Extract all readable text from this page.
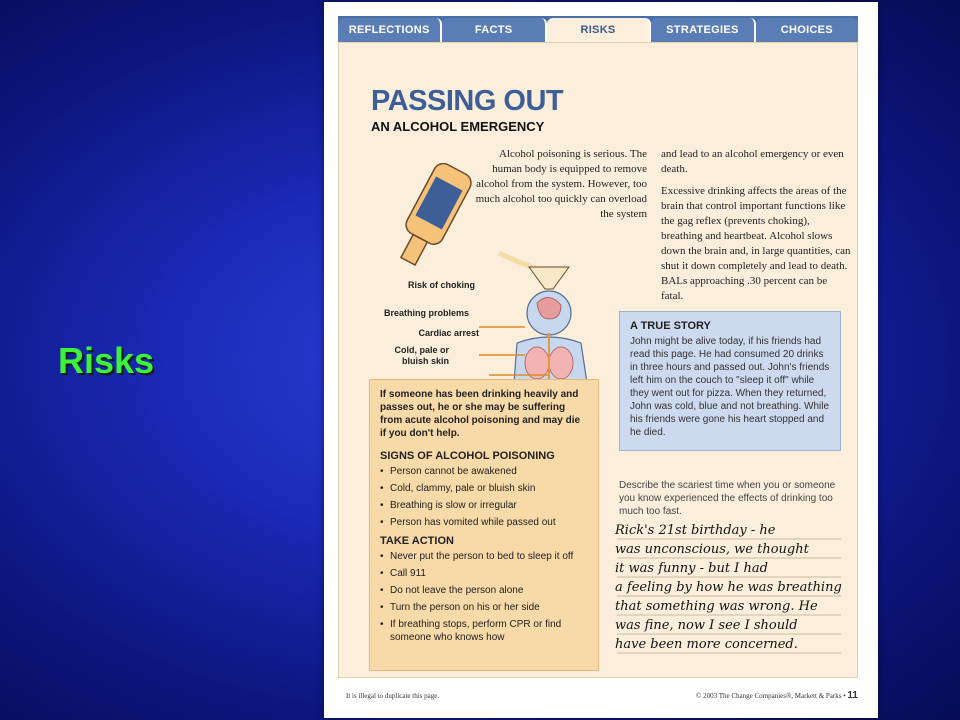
Risks
REFLECTIONS	FACTS	RISKS	STRATEGIES	CHOICES
PASSING OUT
AN ALCOHOL EMERGENCY
Alcohol poisoning is serious. The human body is equipped to remove alcohol from the system. However, too much alcohol too quickly can overload the system

and lead to an alcohol emergency or even death.

Excessive drinking affects the areas of the brain that control important functions like the gag reflex (prevents choking), breathing and heartbeat. Alcohol slows down the brain and, in large quantities, can shut it down completely and lead to death. BALs approaching .30 percent can be fatal.

Risk of choking
Breathing problems
Cardiac arrest
Cold, pale or bluish skin
A TRUE STORY
John might be alive today, if his friends had read this page. He had consumed 20 drinks in three hours and passed out. John's friends left him on the couch to "sleep it off" while they went out for pizza. When they returned, John was cold, blue and not breathing. While his friends were gone his heart stopped and he died.
If someone has been drinking heavily and passes out, he or she may be suffering from acute alcohol poisoning and may die if you don't help.
SIGNS OF ALCOHOL POISONING
• Person cannot be awakened
• Cold, clammy, pale or bluish skin
• Breathing is slow or irregular
• Person has vomited while passed out
TAKE ACTION
• Never put the person to bed to sleep it off
• Call 911
• Do not leave the person alone
• Turn the person on his or her side
• If breathing stops, perform CPR or find someone who knows how
Describe the scariest time when you or someone you know experienced the effects of drinking too much too fast.
Rick's 21st birthday - he
was unconscious, we thought
it was funny - but I had
a feeling by how he was breathing
that something was wrong. He
was fine, now I see I should
have been more concerned.
It is illegal to duplicate this page.	© 2003 The Change Companies®, Markett & Parks • 11
